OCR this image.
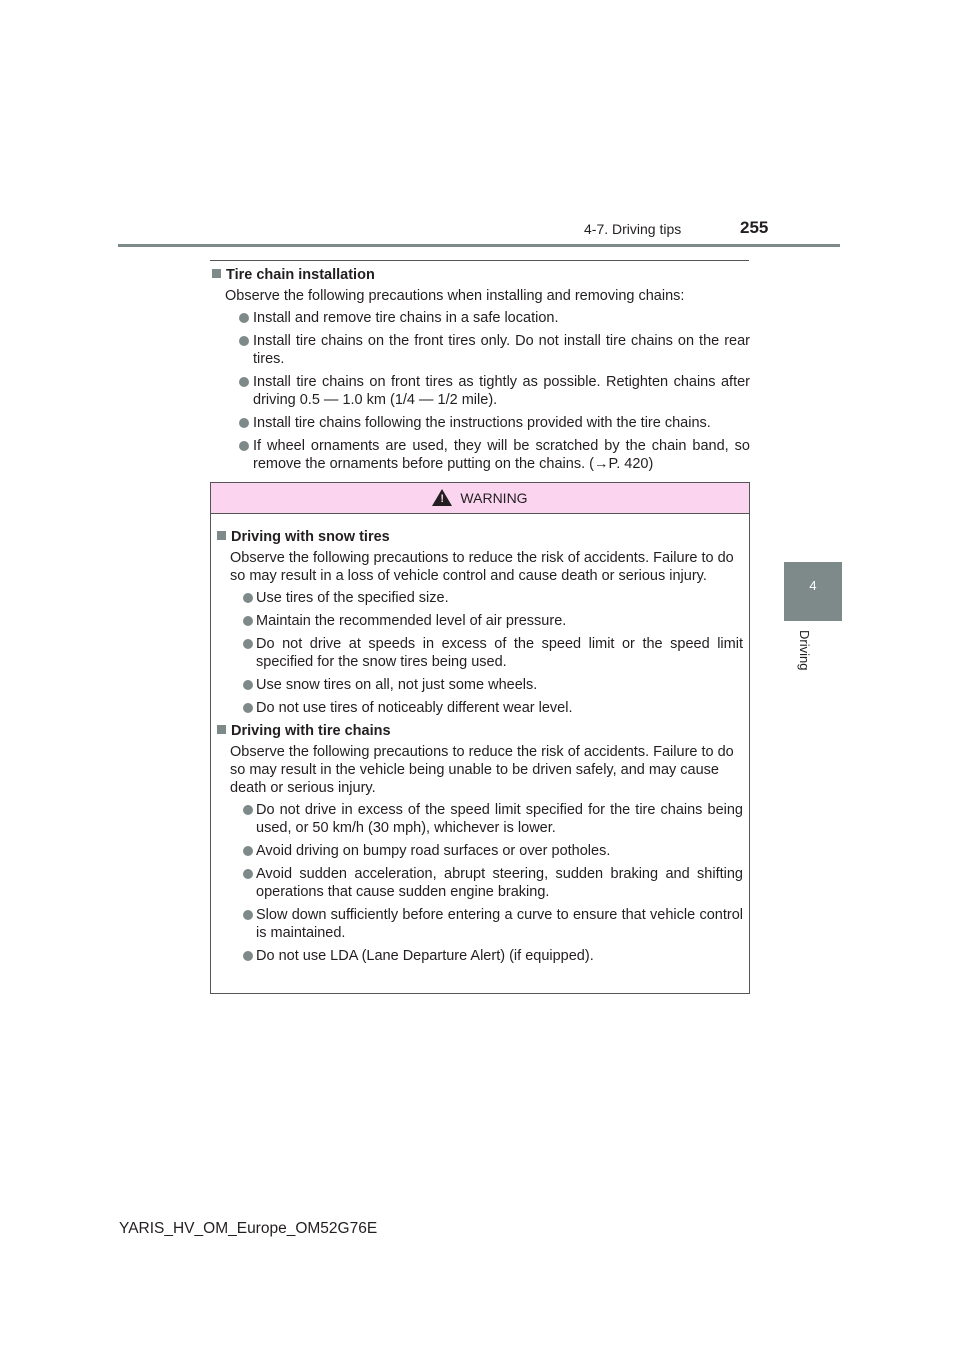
4-7. Driving tips	255
4
Driving
Tire chain installation
Observe the following precautions when installing and removing chains:
Install and remove tire chains in a safe location.
Install tire chains on the front tires only. Do not install tire chains on the rear tires.
Install tire chains on front tires as tightly as possible. Retighten chains after driving 0.5 — 1.0 km (1/4 — 1/2 mile).
Install tire chains following the instructions provided with the tire chains.
If wheel ornaments are used, they will be scratched by the chain band, so remove the ornaments before putting on the chains. (→P. 420)
!WARNING
Driving with snow tires
Observe the following precautions to reduce the risk of accidents. Failure to do so may result in a loss of vehicle control and cause death or serious injury.
Use tires of the specified size.
Maintain the recommended level of air pressure.
Do not drive at speeds in excess of the speed limit or the speed limit specified for the snow tires being used.
Use snow tires on all, not just some wheels.
Do not use tires of noticeably different wear level.
Driving with tire chains
Observe the following precautions to reduce the risk of accidents. Failure to do so may result in the vehicle being unable to be driven safely, and may cause death or serious injury.
Do not drive in excess of the speed limit specified for the tire chains being used, or 50 km/h (30 mph), whichever is lower.
Avoid driving on bumpy road surfaces or over potholes.
Avoid sudden acceleration, abrupt steering, sudden braking and shifting operations that cause sudden engine braking.
Slow down sufficiently before entering a curve to ensure that vehicle control is maintained.
Do not use LDA (Lane Departure Alert) (if equipped).
YARIS_HV_OM_Europe_OM52G76E
